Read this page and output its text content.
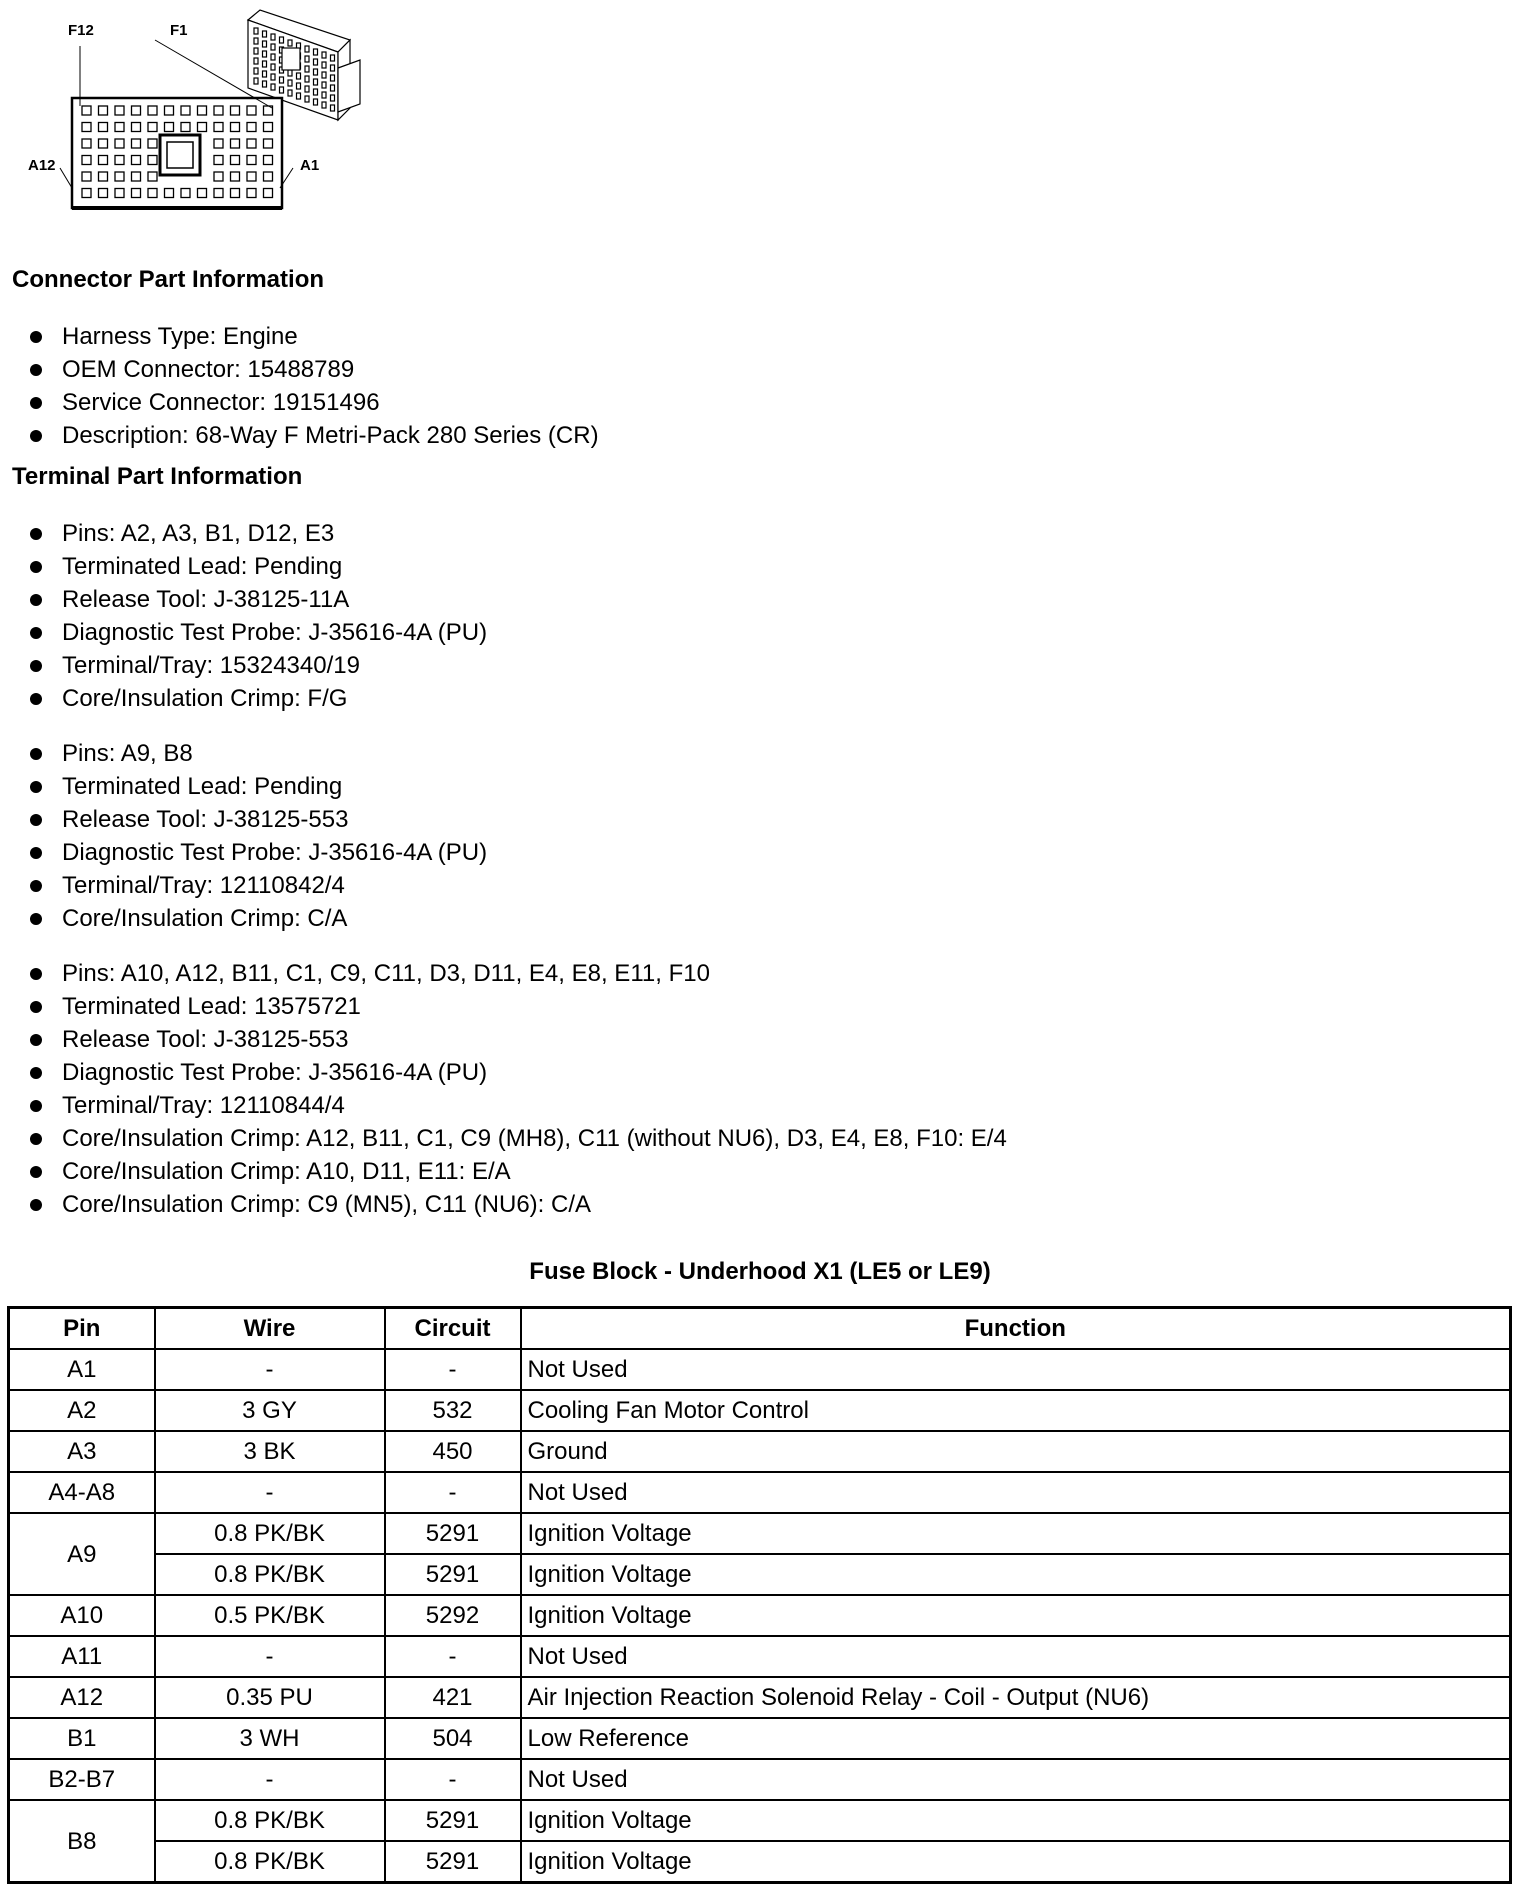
F12	F1
A12	A1
Connector Part Information
Harness Type: Engine
OEM Connector: 15488789
Service Connector: 19151496
Description: 68-Way F Metri-Pack 280 Series (CR)
Terminal Part Information
Pins: A2, A3, B1, D12, E3
Terminated Lead: Pending
Release Tool: J-38125-11A
Diagnostic Test Probe: J-35616-4A (PU)
Terminal/Tray: 15324340/19
Core/Insulation Crimp: F/G
Pins: A9, B8
Terminated Lead: Pending
Release Tool: J-38125-553
Diagnostic Test Probe: J-35616-4A (PU)
Terminal/Tray: 12110842/4
Core/Insulation Crimp: C/A
Pins: A10, A12, B11, C1, C9, C11, D3, D11, E4, E8, E11, F10
Terminated Lead: 13575721
Release Tool: J-38125-553
Diagnostic Test Probe: J-35616-4A (PU)
Terminal/Tray: 12110844/4
Core/Insulation Crimp: A12, B11, C1, C9 (MH8), C11 (without NU6), D3, E4, E8, F10: E/4
Core/Insulation Crimp: A10, D11, E11: E/A
Core/Insulation Crimp: C9 (MN5), C11 (NU6): C/A
Fuse Block - Underhood X1 (LE5 or LE9)
Pin	Wire	Circuit	Function
A1	-	-	Not Used
A2	3 GY	532	Cooling Fan Motor Control
A3	3 BK	450	Ground
A4-A8	-	-	Not Used
A9	0.8 PK/BK	5291	Ignition Voltage
	0.8 PK/BK	5291	Ignition Voltage
A10	0.5 PK/BK	5292	Ignition Voltage
A11	-	-	Not Used
A12	0.35 PU	421	Air Injection Reaction Solenoid Relay - Coil - Output (NU6)
B1	3 WH	504	Low Reference
B2-B7	-	-	Not Used
B8	0.8 PK/BK	5291	Ignition Voltage
	0.8 PK/BK	5291	Ignition Voltage
